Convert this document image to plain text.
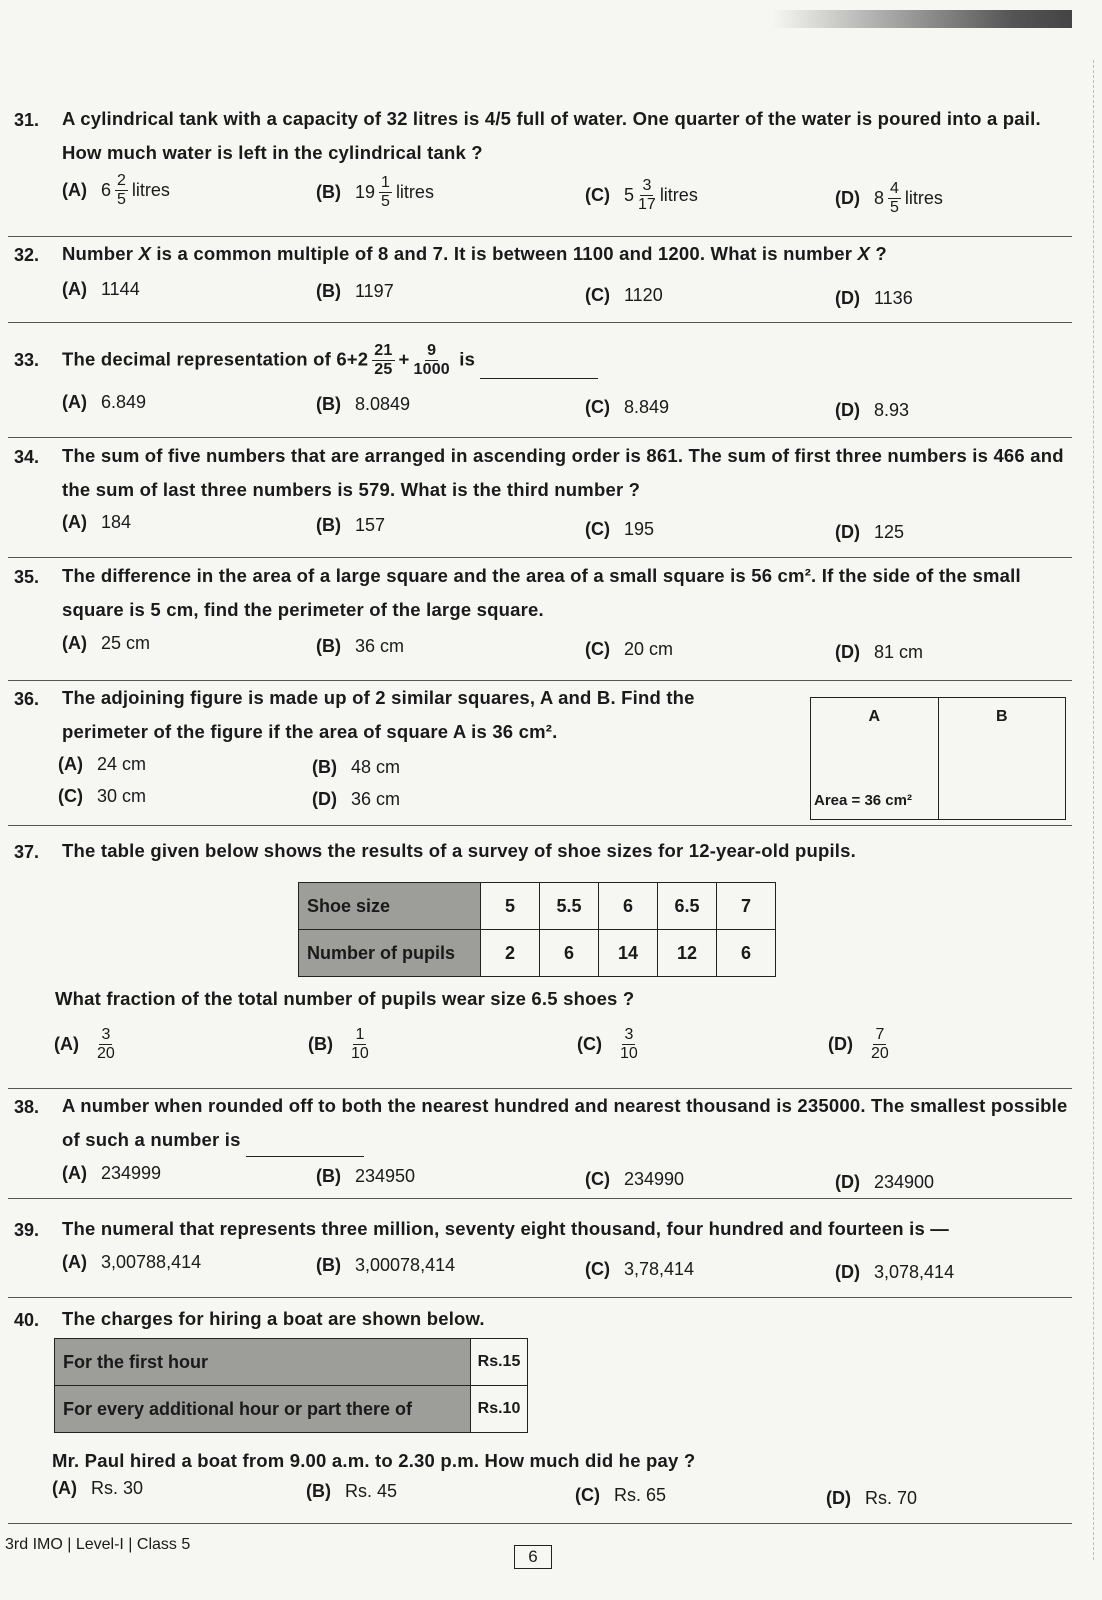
31. A cylindrical tank with a capacity of 32 litres is 4/5 full of water. One quarter of the water is poured into a pail. How much water is left in the cylindrical tank ?
(A) $6 \frac{2}{5}$ litres	(B) $19 \frac{1}{5}$ litres	(C) $5 \frac{3}{17}$ litres	(D) $8 \frac{4}{5}$ litres
32. Number X is a common multiple of 8 and 7. It is between 1100 and 1200. What is number X ?
(A) 1144	(B) 1197	(C) 1120	(D) 1136
33. The decimal representation of $6+2 \frac{21}{25} + \frac{9}{1000}$ is
(A) 6.849	(B) 8.0849	(C) 8.849	(D) 8.93
34. The sum of five numbers that are arranged in ascending order is 861. The sum of first three numbers is 466 and the sum of last three numbers is 579. What is the third number ?
(A) 184	(B) 157	(C) 195	(D) 125
35. The difference in the area of a large square and the area of a small square is 56 cm². If the side of the small square is 5 cm, find the perimeter of the large square.
(A) 25 cm	(B) 36 cm	(C) 20 cm	(D) 81 cm
36. The adjoining figure is made up of 2 similar squares, A and B. Find the perimeter of the figure if the area of square A is 36 cm².
(A) 24 cm	(B) 48 cm
(C) 30 cm	(D) 36 cm
A
Area = 36 cm²
B
37. The table given below shows the results of a survey of shoe sizes for 12-year-old pupils.
$(A) \frac{3}{20}$	$(B) \frac{1}{10}$	$(C) \frac{3}{10}$	$(D) \frac{7}{20}$
Shoe size	5	5.5	6	6.5	7
Number of pupils	2	6	14	12	6
What fraction of the total number of pupils wear size 6.5 shoes ?
38. A number when rounded off to both the nearest hundred and nearest thousand is 235000. The smallest possible of such a number is
(A) 234999	(B) 234950	(C) 234990	(D) 234900
39. The numeral that represents three million, seventy eight thousand, four hundred and fourteen is —
(A) 3,00788,414	(B) 3,00078,414	(C) 3,78,414	(D) 3,078,414
40. The charges for hiring a boat are shown below.
(A) Rs. 30	(B) Rs. 45	(C) Rs. 65	(D) Rs. 70
For the first hour	Rs.15
For every additional hour or part there of	Rs.10
Mr. Paul hired a boat from 9.00 a.m. to 2.30 p.m. How much did he pay ?
3rd IMO | Level-I | Class 5
6
